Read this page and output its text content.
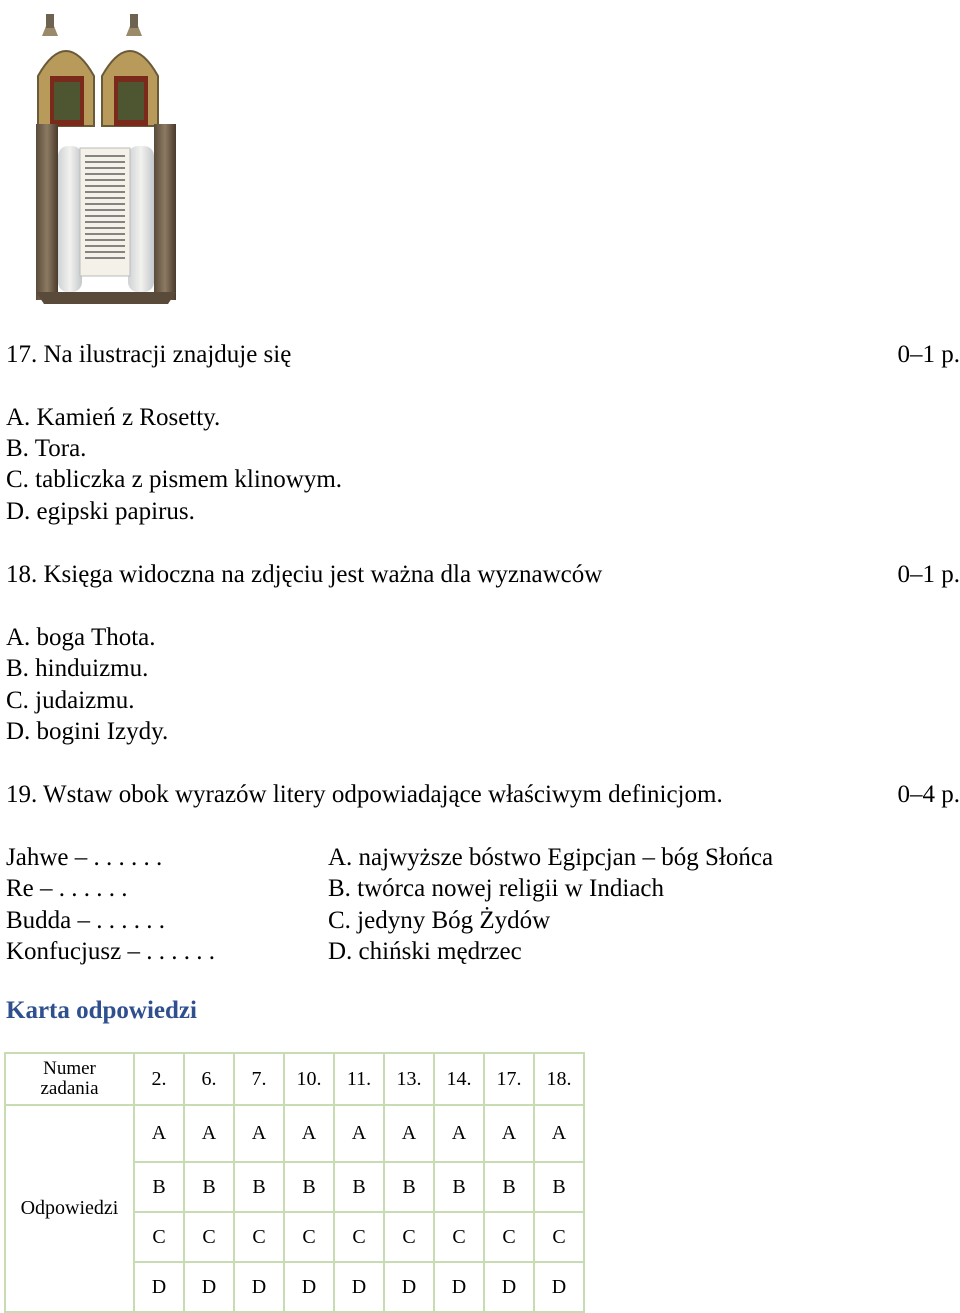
17. Na ilustracji znajduje się	0–1 p.
A. Kamień z Rosetty.
B. Tora.
C. tabliczka z pismem klinowym.
D. egipski papirus.
18. Księga widoczna na zdjęciu jest ważna dla wyznawców	0–1 p.
A. boga Thota.
B. hinduizmu.
C. judaizmu.
D. bogini Izydy.
19. Wstaw obok wyrazów litery odpowiadające właściwym definicjom.	0–4 p.
Jahwe – . . . . . .
Re – . . . . . .
Budda – . . . . . .
Konfucjusz – . . . . . .
A. najwyższe bóstwo Egipcjan – bóg Słońca
B. twórca nowej religii w Indiach
C. jedyny Bóg Żydów
D. chiński mędrzec
Karta odpowiedzi
Numer
zadania	2.	6.	7.	10.	11.	13.	14.	17.	18.
Odpowiedzi	A	A	A	A	A	A	A	A	A
	B	B	B	B	B	B	B	B	B
	C	C	C	C	C	C	C	C	C
	D	D	D	D	D	D	D	D	D
